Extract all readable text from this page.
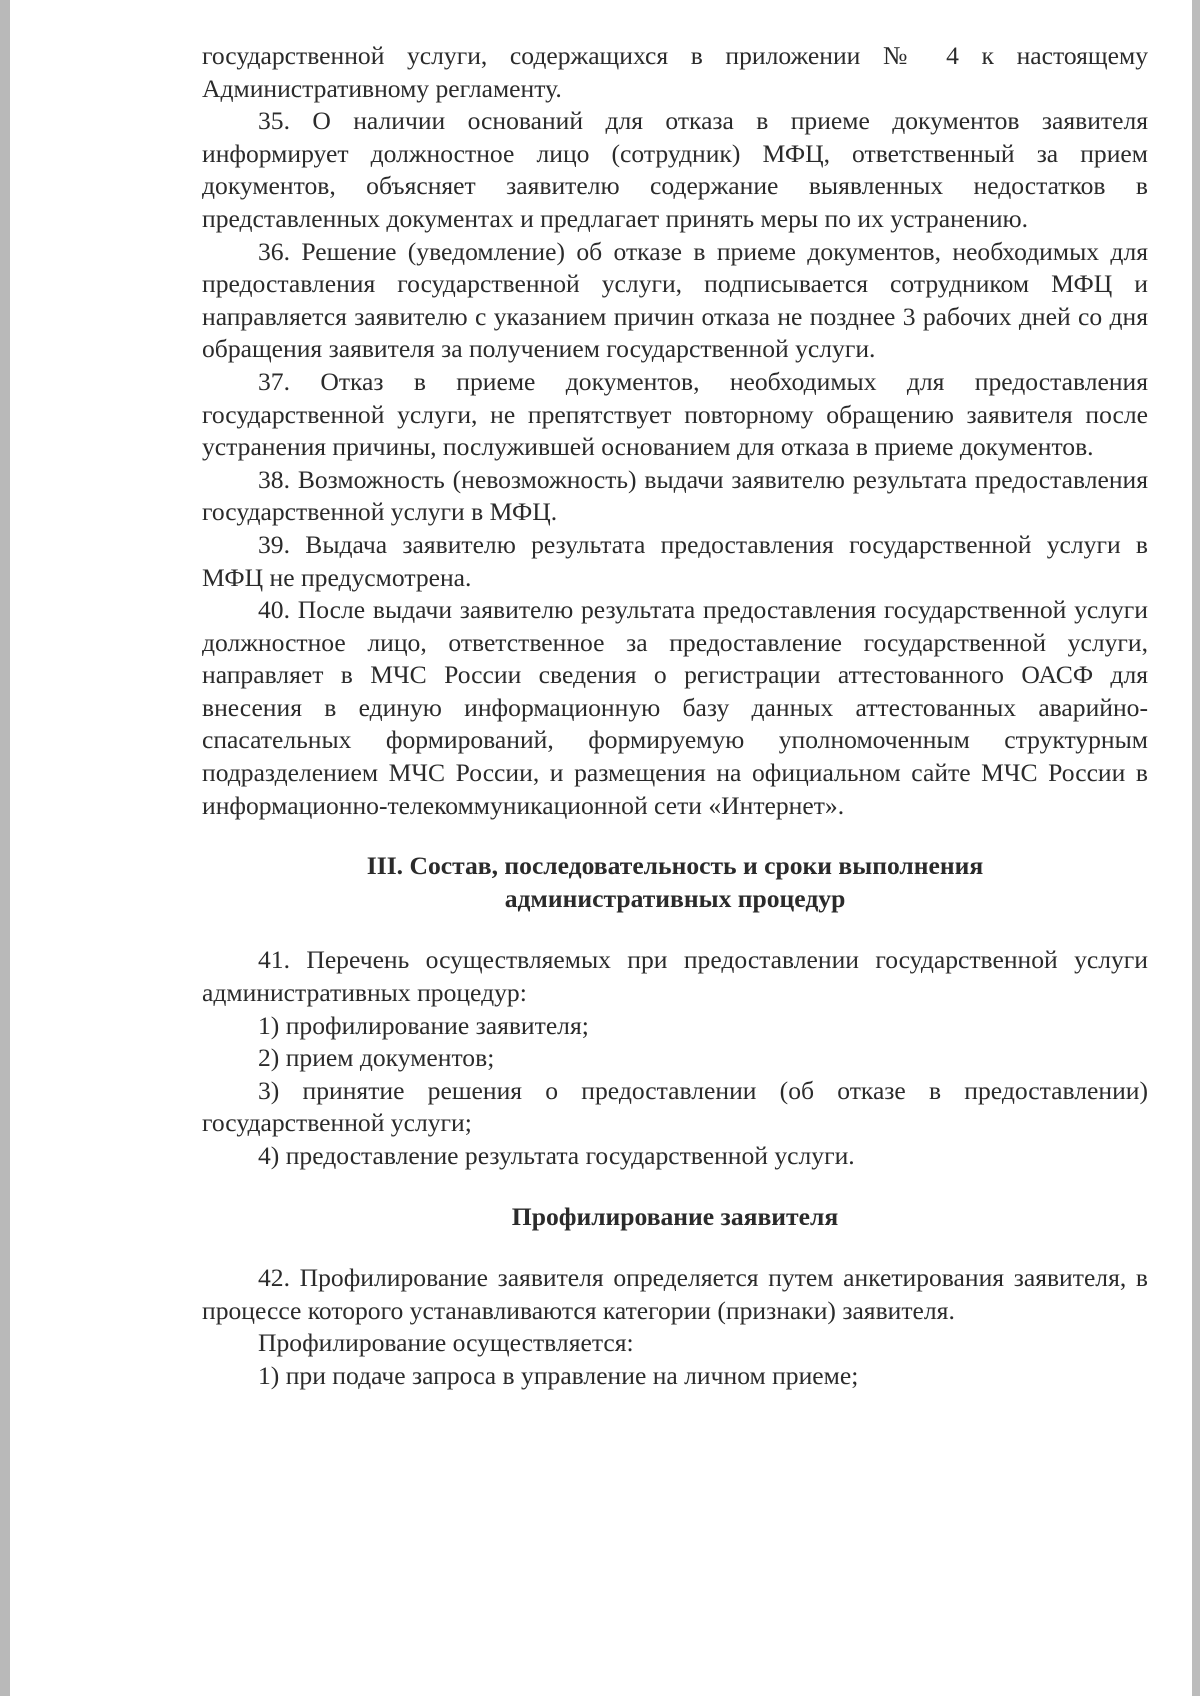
государственной услуги, содержащихся в приложении № 4 к настоящему Административному регламенту.

35. О наличии оснований для отказа в приеме документов заявителя информирует должностное лицо (сотрудник) МФЦ, ответственный за прием документов, объясняет заявителю содержание выявленных недостатков в представленных документах и предлагает принять меры по их устранению.

36. Решение (уведомление) об отказе в приеме документов, необходимых для предоставления государственной услуги, подписывается сотрудником МФЦ и направляется заявителю с указанием причин отказа не позднее 3 рабочих дней со дня обращения заявителя за получением государственной услуги.

37. Отказ в приеме документов, необходимых для предоставления государственной услуги, не препятствует повторному обращению заявителя после устранения причины, послужившей основанием для отказа в приеме документов.

38. Возможность (невозможность) выдачи заявителю результата предоставления государственной услуги в МФЦ.

39. Выдача заявителю результата предоставления государственной услуги в МФЦ не предусмотрена.

40. После выдачи заявителю результата предоставления государственной услуги должностное лицо, ответственное за предоставление государственной услуги, направляет в МЧС России сведения о регистрации аттестованного ОАСФ для внесения в единую информационную базу данных аттестованных аварийно-спасательных формирований, формируемую уполномоченным структурным подразделением МЧС России, и размещения на официальном сайте МЧС России в информационно-телекоммуникационной сети «Интернет».

III. Состав, последовательность и сроки выполнения
административных процедур

41. Перечень осуществляемых при предоставлении государственной услуги административных процедур:

1) профилирование заявителя;

2) прием документов;

3) принятие решения о предоставлении (об отказе в предоставлении) государственной услуги;

4) предоставление результата государственной услуги.

Профилирование заявителя

42. Профилирование заявителя определяется путем анкетирования заявителя, в процессе которого устанавливаются категории (признаки) заявителя.

Профилирование осуществляется:

1) при подаче запроса в управление на личном приеме;
